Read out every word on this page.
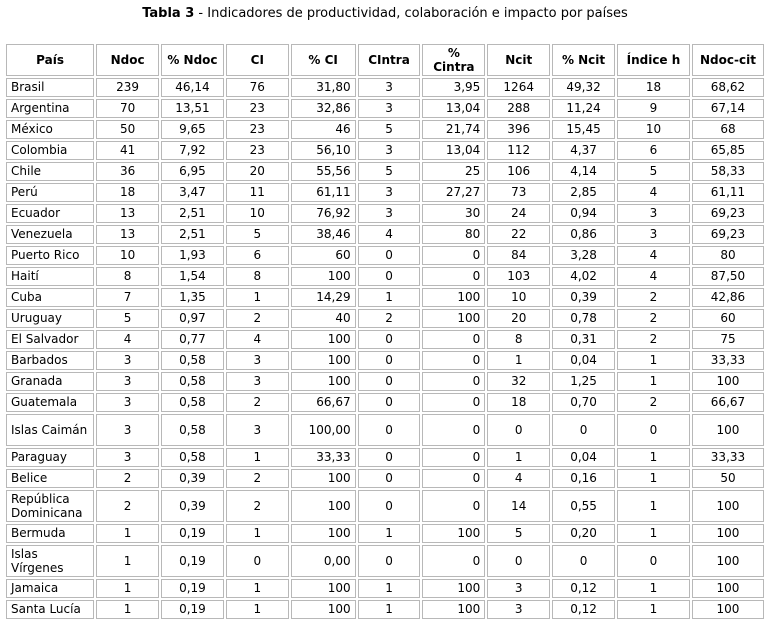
Tabla 3 - Indicadores de productividad, colaboración e impacto por países
País	Ndoc	% Ndoc	CI	% CI	CIntra	% Cintra	Ncit	% Ncit	Índice h	Ndoc-cit
Brasil	239	46,14	76	31,80	3	3,95	1264	49,32	18	68,62
Argentina	70	13,51	23	32,86	3	13,04	288	11,24	9	67,14
México	50	9,65	23	46	5	21,74	396	15,45	10	68
Colombia	41	7,92	23	56,10	3	13,04	112	4,37	6	65,85
Chile	36	6,95	20	55,56	5	25	106	4,14	5	58,33
Perú	18	3,47	11	61,11	3	27,27	73	2,85	4	61,11
Ecuador	13	2,51	10	76,92	3	30	24	0,94	3	69,23
Venezuela	13	2,51	5	38,46	4	80	22	0,86	3	69,23
Puerto Rico	10	1,93	6	60	0	0	84	3,28	4	80
Haití	8	1,54	8	100	0	0	103	4,02	4	87,50
Cuba	7	1,35	1	14,29	1	100	10	0,39	2	42,86
Uruguay	5	0,97	2	40	2	100	20	0,78	2	60
El Salvador	4	0,77	4	100	0	0	8	0,31	2	75
Barbados	3	0,58	3	100	0	0	1	0,04	1	33,33
Granada	3	0,58	3	100	0	0	32	1,25	1	100
Guatemala	3	0,58	2	66,67	0	0	18	0,70	2	66,67
Islas Caimán	3	0,58	3	100,00	0	0	0	0	0	100
Paraguay	3	0,58	1	33,33	0	0	1	0,04	1	33,33
Belice	2	0,39	2	100	0	0	4	0,16	1	50
República Dominicana	2	0,39	2	100	0	0	14	0,55	1	100
Bermuda	1	0,19	1	100	1	100	5	0,20	1	100
Islas Vírgenes	1	0,19	0	0,00	0	0	0	0	0	100
Jamaica	1	0,19	1	100	1	100	3	0,12	1	100
Santa Lucía	1	0,19	1	100	1	100	3	0,12	1	100
